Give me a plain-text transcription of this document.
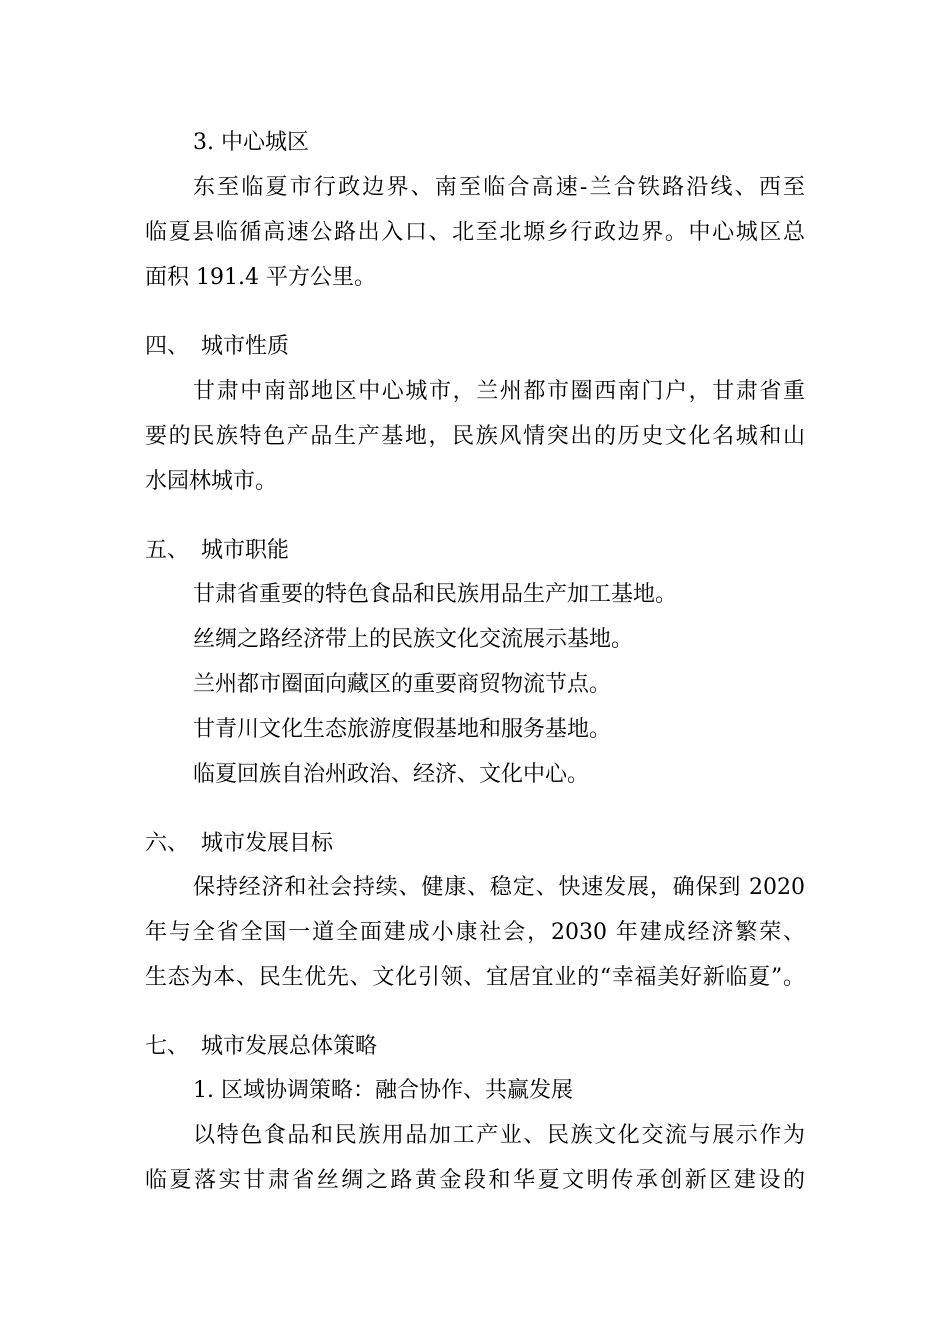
3. 中心城区
东至临夏市行政边界、南至临合高速-兰合铁路沿线、西至
临夏县临循高速公路出入口、北至北塬乡行政边界。中心城区总
面积 191.4 平方公里。
四、 城市性质
甘肃中南部地区中心城市，兰州都市圈西南门户，甘肃省重
要的民族特色产品生产基地，民族风情突出的历史文化名城和山
水园林城市。
五、 城市职能
甘肃省重要的特色食品和民族用品生产加工基地。
丝绸之路经济带上的民族文化交流展示基地。
兰州都市圈面向藏区的重要商贸物流节点。
甘青川文化生态旅游度假基地和服务基地。
临夏回族自治州政治、经济、文化中心。
六、 城市发展目标
保持经济和社会持续、健康、稳定、快速发展，确保到 2020
年与全省全国一道全面建成小康社会，2030 年建成经济繁荣、
生态为本、民生优先、文化引领、宜居宜业的“幸福美好新临夏”。
七、 城市发展总体策略
1. 区域协调策略：融合协作、共赢发展
以特色食品和民族用品加工产业、民族文化交流与展示作为
临夏落实甘肃省丝绸之路黄金段和华夏文明传承创新区建设的
